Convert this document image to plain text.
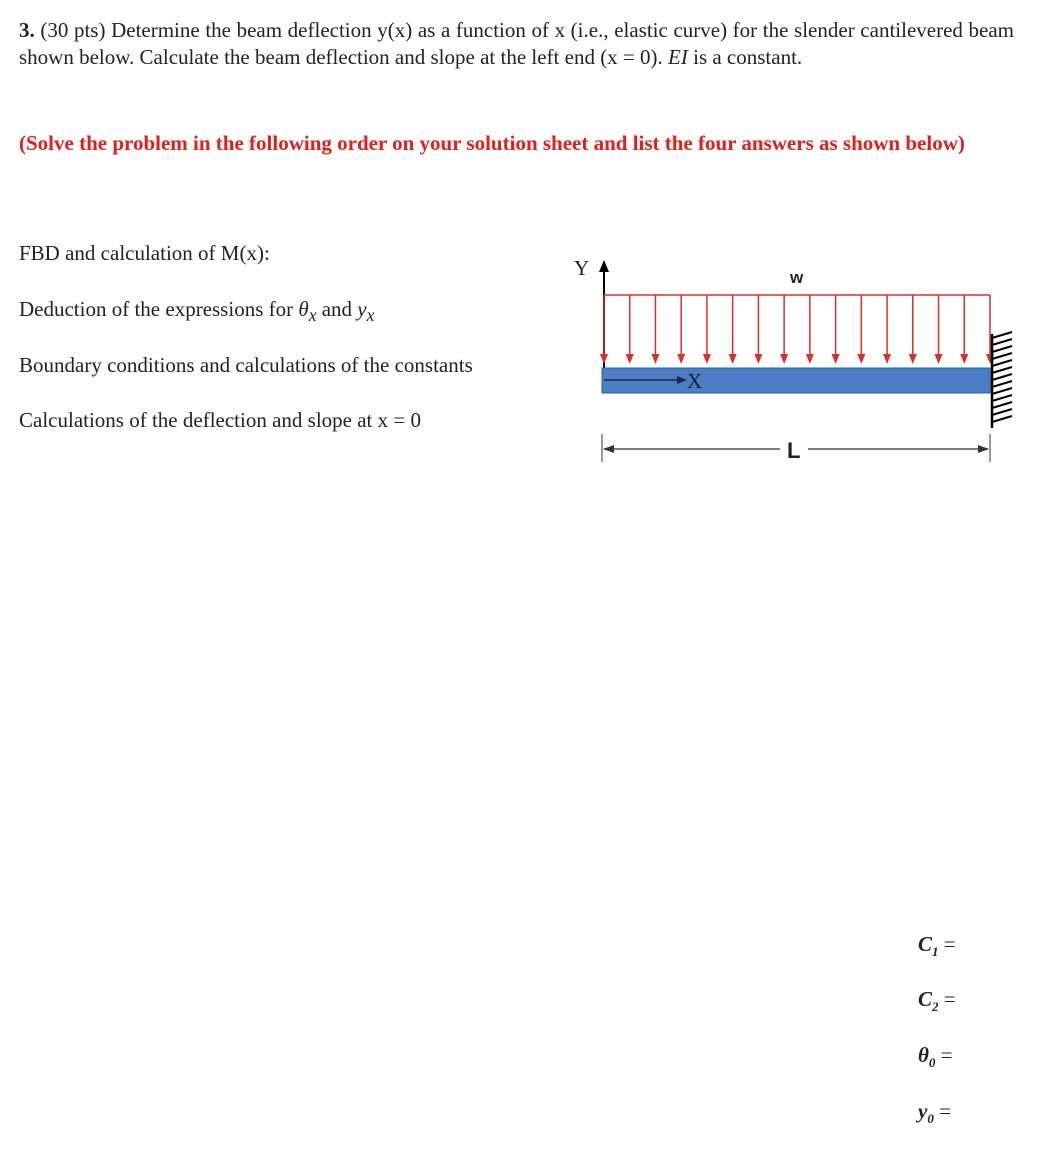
3. (30 pts) Determine the beam deflection y(x) as a function of x (i.e., elastic curve) for the slender cantilevered beam shown below. Calculate the beam deflection and slope at the left end (x = 0). EI is a constant.
(Solve the problem in the following order on your solution sheet and list the four answers as shown below)
FBD and calculation of M(x):
Deduction of the expressions for $\theta_x$ and $y_x$
Boundary conditions and calculations of the constants
Calculations of the deflection and slope at x = 0
Y	w
X
L
$C_1$ =
$C_2$ =
$\theta_0$ =
$y_0$ =
